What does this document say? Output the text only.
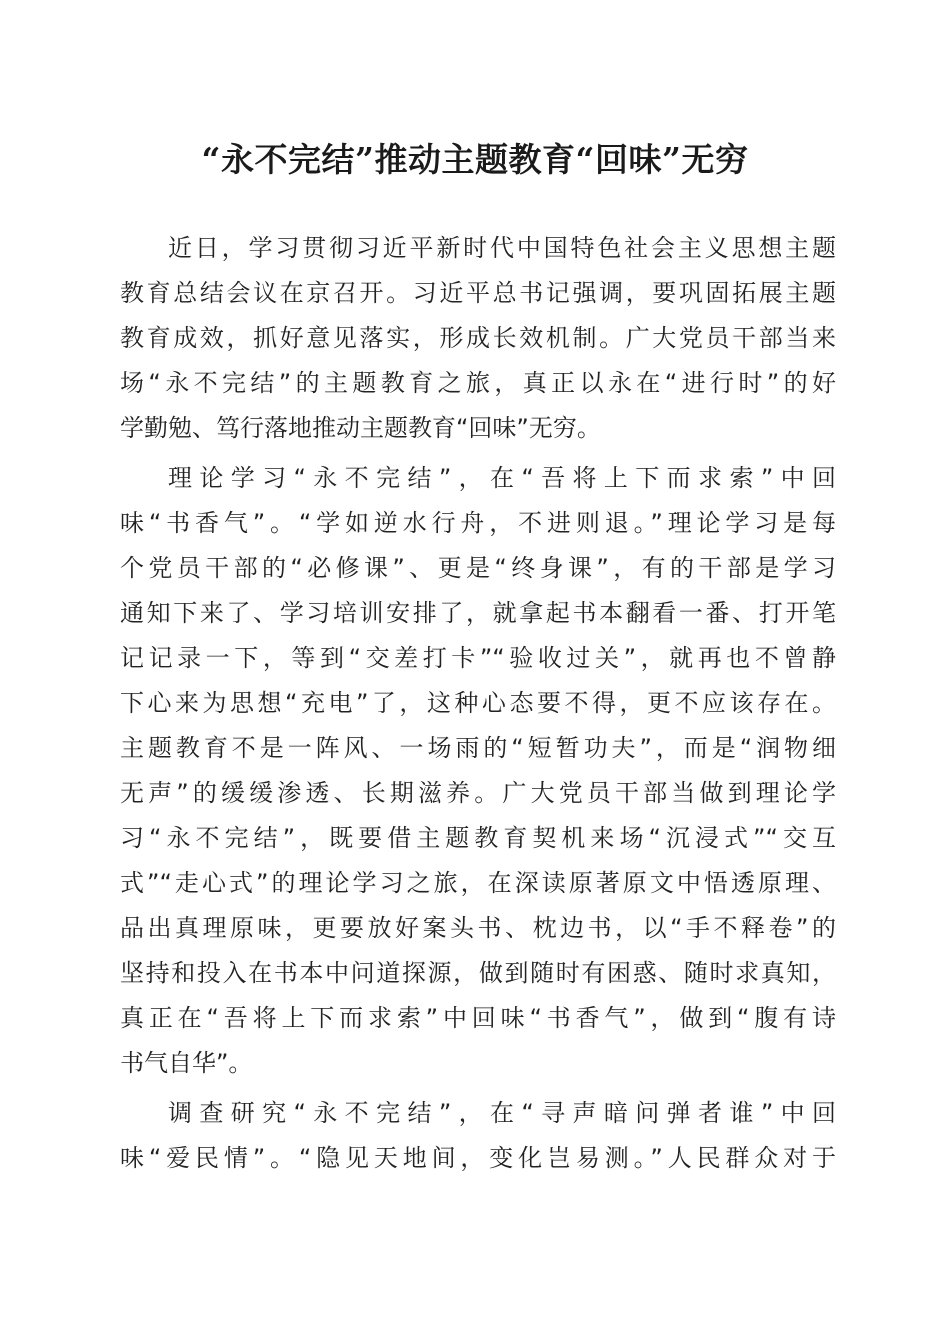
“永不完结”推动主题教育“回味”无穷
近日，学习贯彻习近平新时代中国特色社会主义思想主题
教育总结会议在京召开。习近平总书记强调，要巩固拓展主题
教育成效，抓好意见落实，形成长效机制。广大党员干部当来
场“永不完结”的主题教育之旅，真正以永在“进行时”的好
学勤勉、笃行落地推动主题教育“回味”无穷。
理论学习“永不完结”，在“吾将上下而求索”中回
味“书香气”。“学如逆水行舟，不进则退。”理论学习是每
个党员干部的“必修课”、更是“终身课”，有的干部是学习
通知下来了、学习培训安排了，就拿起书本翻看一番、打开笔
记记录一下，等到“交差打卡”“验收过关”，就再也不曾静
下心来为思想“充电”了，这种心态要不得，更不应该存在。
主题教育不是一阵风、一场雨的“短暂功夫”，而是“润物细
无声”的缓缓渗透、长期滋养。广大党员干部当做到理论学
习“永不完结”，既要借主题教育契机来场“沉浸式”“交互
式”“走心式”的理论学习之旅，在深读原著原文中悟透原理、
品出真理原味，更要放好案头书、枕边书，以“手不释卷”的
坚持和投入在书本中问道探源，做到随时有困惑、随时求真知，
真正在“吾将上下而求索”中回味“书香气”，做到“腹有诗
书气自华”。
调查研究“永不完结”，在“寻声暗问弹者谁”中回
味“爱民情”。“隐见天地间，变化岂易测。”人民群众对于
